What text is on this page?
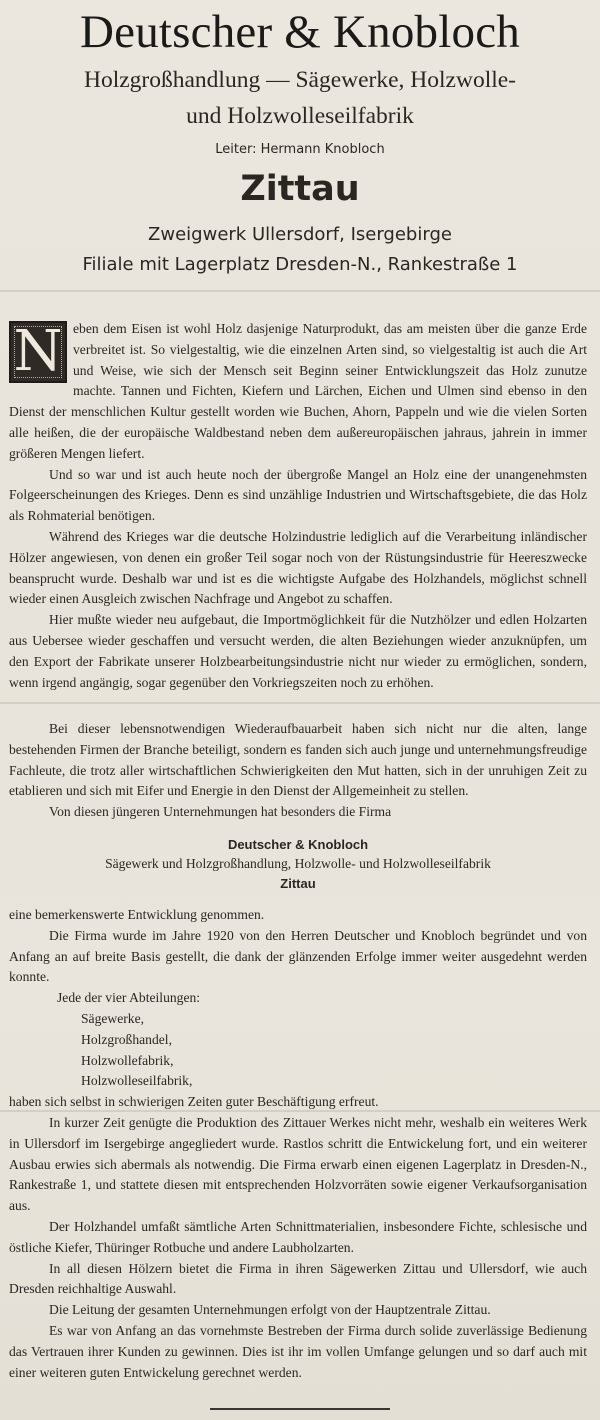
Deutscher & Knobloch
Holzgroßhandlung — Sägewerke, Holzwolle-
und Holzwolleseilfabrik
Leiter: Hermann Knobloch
Zittau
Zweigwerk Ullersdorf, Isergebirge
Filiale mit Lagerplatz Dresden-N., Rankestraße 1

Neben dem Eisen ist wohl Holz dasjenige Naturprodukt, das am meisten über die ganze Erde verbreitet ist. So vielgestaltig, wie die einzelnen Arten sind, so vielgestaltig ist auch die Art und Weise, wie sich der Mensch seit Beginn seiner Entwicklungszeit das Holz zunutze machte. Tannen und Fichten, Kiefern und Lärchen, Eichen und Ulmen sind ebenso in den Dienst der menschlichen Kultur gestellt worden wie Buchen, Ahorn, Pappeln und wie die vielen Sorten alle heißen, die der europäische Waldbestand neben dem außereuropäischen jahraus, jahrein in immer größeren Mengen liefert.

Und so war und ist auch heute noch der übergroße Mangel an Holz eine der unangenehmsten Folgeerscheinungen des Krieges. Denn es sind unzählige Industrien und Wirtschaftsgebiete, die das Holz als Rohmaterial benötigen.

Während des Krieges war die deutsche Holzindustrie lediglich auf die Verarbeitung inländischer Hölzer angewiesen, von denen ein großer Teil sogar noch von der Rüstungsindustrie für Heereszwecke beansprucht wurde. Deshalb war und ist es die wichtigste Aufgabe des Holzhandels, möglichst schnell wieder einen Ausgleich zwischen Nachfrage und Angebot zu schaffen.

Hier mußte wieder neu aufgebaut, die Importmöglichkeit für die Nutzhölzer und edlen Holzarten aus Uebersee wieder geschaffen und versucht werden, die alten Beziehungen wieder anzuknüpfen, um den Export der Fabrikate unserer Holzbearbeitungsindustrie nicht nur wieder zu ermöglichen, sondern, wenn irgend angängig, sogar gegenüber den Vorkriegszeiten noch zu erhöhen.

Bei dieser lebensnotwendigen Wiederaufbauarbeit haben sich nicht nur die alten, lange bestehenden Firmen der Branche beteiligt, sondern es fanden sich auch junge und unternehmungsfreudige Fachleute, die trotz aller wirtschaftlichen Schwierigkeiten den Mut hatten, sich in der unruhigen Zeit zu etablieren und sich mit Eifer und Energie in den Dienst der Allgemeinheit zu stellen.

Von diesen jüngeren Unternehmungen hat besonders die Firma

Deutscher & Knobloch
Sägewerk und Holzgroßhandlung, Holzwolle- und Holzwolleseilfabrik
Zittau

eine bemerkenswerte Entwicklung genommen.

Die Firma wurde im Jahre 1920 von den Herren Deutscher und Knobloch begründet und von Anfang an auf breite Basis gestellt, die dank der glänzenden Erfolge immer weiter ausgedehnt werden konnte.

Jede der vier Abteilungen:

Sägewerke,
Holzgroßhandel,
Holzwollefabrik,
Holzwolleseilfabrik,

haben sich selbst in schwierigen Zeiten guter Beschäftigung erfreut.

In kurzer Zeit genügte die Produktion des Zittauer Werkes nicht mehr, weshalb ein weiteres Werk in Ullersdorf im Isergebirge angegliedert wurde. Rastlos schritt die Entwickelung fort, und ein weiterer Ausbau erwies sich abermals als notwendig. Die Firma erwarb einen eigenen Lagerplatz in Dresden-N., Rankestraße 1, und stattete diesen mit entsprechenden Holzvorräten sowie eigener Verkaufsorganisation aus.

Der Holzhandel umfaßt sämtliche Arten Schnittmaterialien, insbesondere Fichte, schlesische und östliche Kiefer, Thüringer Rotbuche und andere Laubholzarten.

In all diesen Hölzern bietet die Firma in ihren Sägewerken Zittau und Ullersdorf, wie auch Dresden reichhaltige Auswahl.

Die Leitung der gesamten Unternehmungen erfolgt von der Hauptzentrale Zittau.

Es war von Anfang an das vornehmste Bestreben der Firma durch solide zuverlässige Bedienung das Vertrauen ihrer Kunden zu gewinnen. Dies ist ihr im vollen Umfange gelungen und so darf auch mit einer weiteren guten Entwickelung gerechnet werden.
